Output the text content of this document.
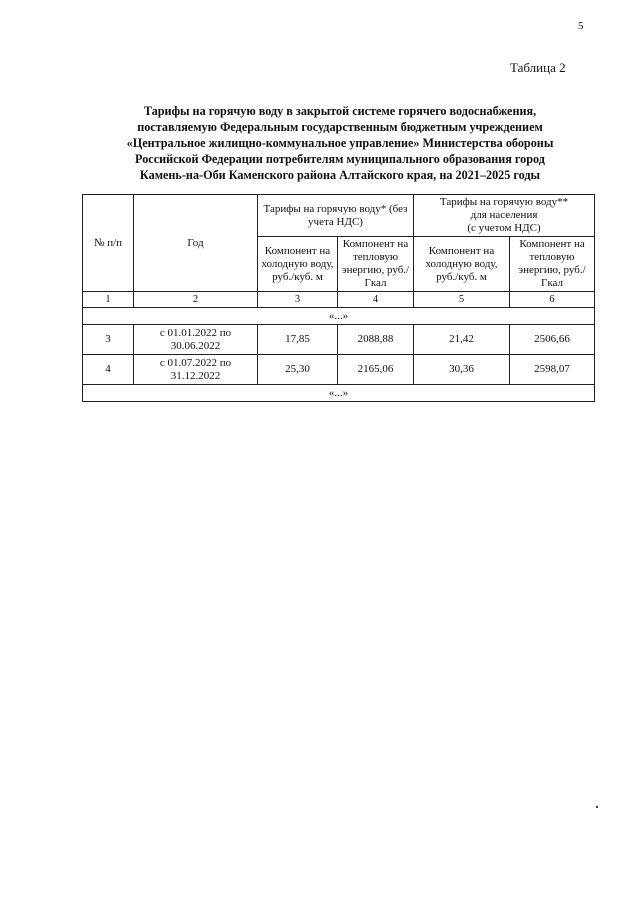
5
Таблица 2
Тарифы на горячую воду в закрытой системе горячего водоснабжения,
поставляемую Федеральным государственным бюджетным учреждением
«Центральное жилищно-коммунальное управление» Министерства обороны
Российской Федерации потребителям муниципального образования город
Камень-на-Оби Каменского района Алтайского края, на 2021–2025 годы
№ п/п	Год	Тарифы на горячую воду* (без учета НДС)		Тарифы на горячую воду**
для населения
(с учетом НДС)	
		Компонент на холодную воду, руб./куб. м	Компонент на тепловую энергию, руб./Гкал	Компонент на холодную воду, руб./куб. м	Компонент на тепловую энергию, руб./Гкал
1	2	3	4	5	6
«...»					
3	с 01.01.2022 по 30.06.2022	17,85	2088,88	21,42	2506,66
4	с 01.07.2022 по 31.12.2022	25,30	2165,06	30,36	2598,07
«...»					
